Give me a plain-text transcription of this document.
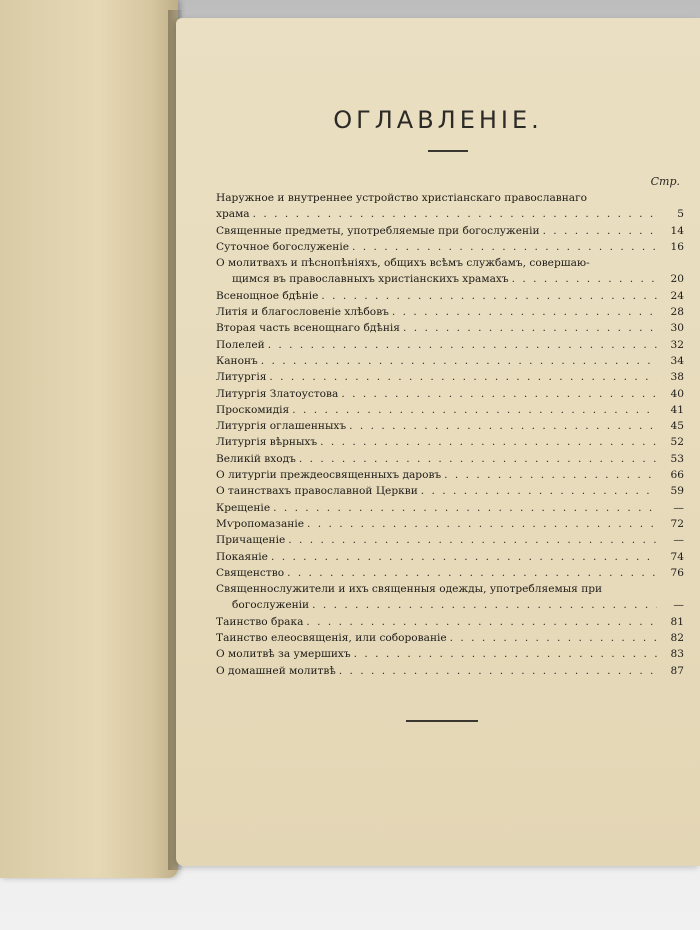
ОГЛАВЛЕНІЕ.
Стр.
Наружное и внутреннее устройство христіанскаго православнаго
храма . . .	5
Священные предметы, употребляемые при богослуженіи . . .	14
Суточное богослуженіе . . .	16
О молитвахъ и пѣснопѣніяхъ, общихъ всѣмъ службамъ, совершаю-
щимся въ православныхъ христіанскихъ храмахъ . . .	20
Всенощное бдѣніе . . .	24
Литія и благословеніе хлѣбовъ . . .	28
Вторая часть всенощнаго бдѣнія . . .	30
Полелей . . .	32
Канонъ . . .	34
Литургія . . .	38
Литургія Златоустова . . .	40
Проскомидія . . .	41
Литургія оглашенныхъ . . .	45
Литургія вѣрныхъ . . .	52
Великій входъ . . .	53
О литургіи преждеосвященныхъ даровъ . . .	66
О таинствахъ православной Церкви . . .	59
Крещеніе . . .	—
Мѵропомазаніе . . .	72
Причащеніе . . .	—
Покаяніе . . .	74
Священство . . .	76
Священнослужители и ихъ священныя одежды, употребляемыя при
богослуженіи . . .	—
Таинство брака . . .	81
Таинство елеосвященія, или соборованіе . . .	82
О молитвѣ за умершихъ . . .	83
О домашней молитвѣ . . .	87
